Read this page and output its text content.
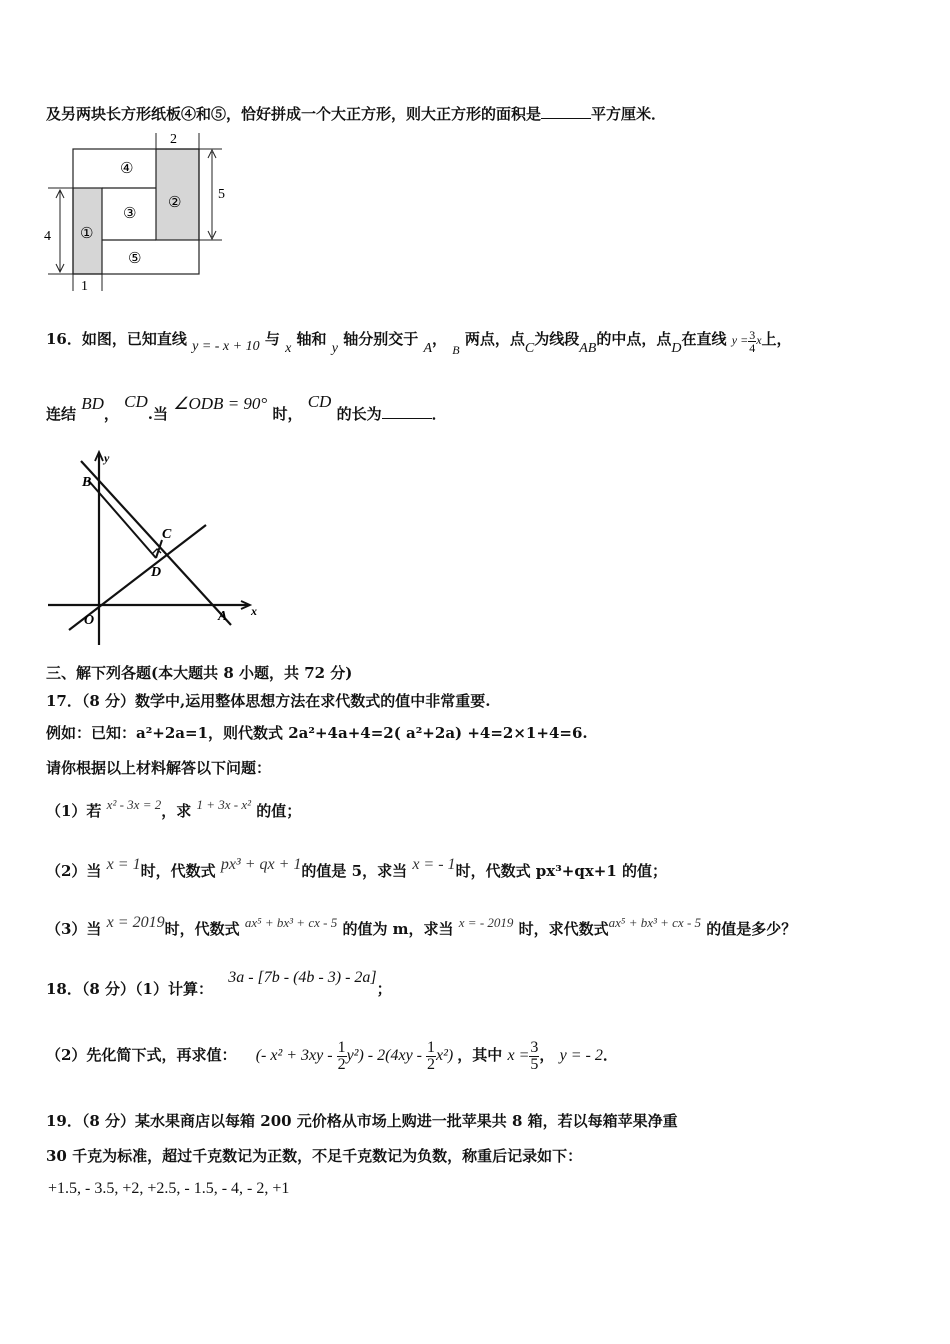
及另两块长方形纸板④和⑤，恰好拼成一个大正方形，则大正方形的面积是	平方厘米．
2
5
4
1
①
②
③
④
⑤
16．如图，已知直线 y = - x + 10 与 x 轴和 y 轴分别交于 A， $_B$ 两点，点C为线段AB的中点，点D在直线 $y = \frac{3}{4}$ x上，
连结 BD， CD.当 ∠ODB = 90° 时， CD 的长为	．
y
x
B
C
D
O	A
三、解下列各题(本大题共 8 小题，共 72 分)
17．（8 分）数学中,运用整体思想方法在求代数式的值中非常重要.
例如：已知：a²+2a=1，则代数式 2a²+4a+4=2( a²+2a) +4=2×1+4=6.
请你根据以上材料解答以下问题：
（1）若 x² - 3x = 2，求 1 + 3x - x² 的值；
（2）当 x = 1时，代数式 px³ + qx + 1的值是 5，求当 x = - 1时，代数式 px³+qx+1 的值；
（3）当 x = 2019时，代数式 ax⁵ + bx³ + cx - 5 的值为 m，求当 x = - 2019 时，求代数式ax⁵ + bx³ + cx - 5 的值是多少？
18．（8 分）（1）计算： 3a - [7b - (4b - 3) - 2a]；
（2）先化简下式，再求值： (- $x^2 + 3xy - \frac{1}{2} y^2) - 2(4xy - \frac{1}{2} x^2)$ ，其中 $x = \frac{3}{5}$ ， y = - 2．
19．（8 分）某水果商店以每箱 200 元价格从市场上购进一批苹果共 8 箱，若以每箱苹果净重
30 千克为标准，超过千克数记为正数，不足千克数记为负数，称重后记录如下：
+1.5, - 3.5, +2, +2.5, - 1.5, - 4, - 2, +1
